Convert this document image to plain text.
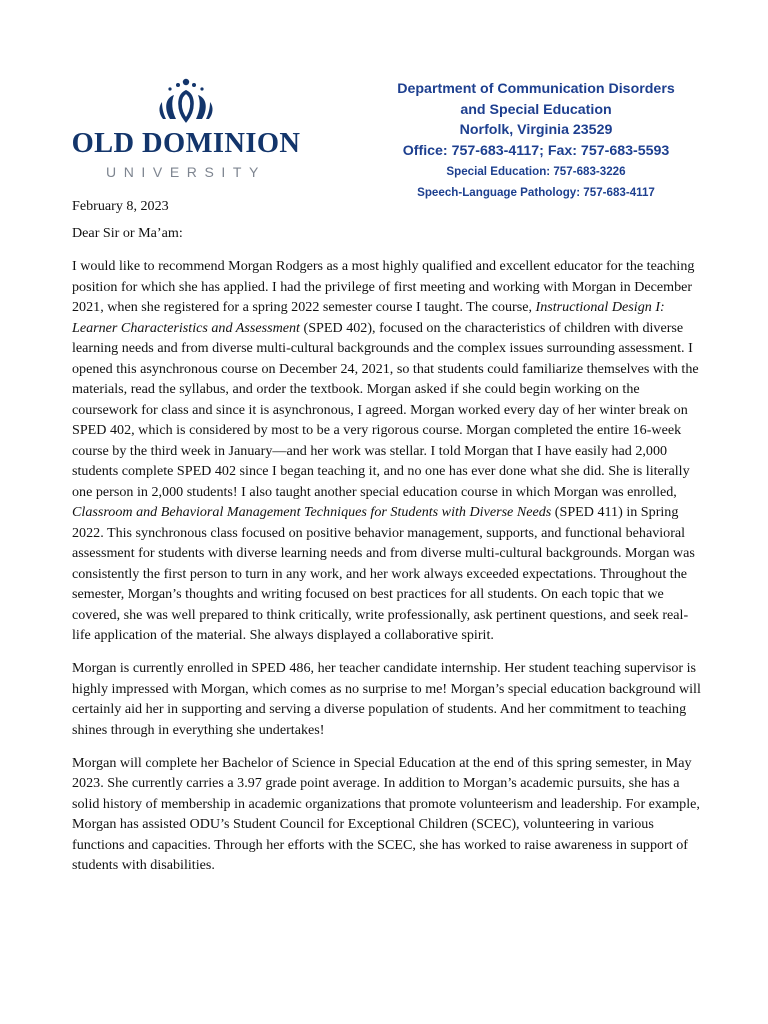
OLD DOMINION
UNIVERSITY
Department of Communication Disorders
and Special Education
Norfolk, Virginia 23529
Office: 757-683-4117; Fax: 757-683-5593
Special Education: 757-683-3226
Speech-Language Pathology: 757-683-4117

February 8, 2023

Dear Sir or Ma’am:

I would like to recommend Morgan Rodgers as a most highly qualified and excellent educator for the teaching position for which she has applied. I had the privilege of first meeting and working with Morgan in December 2021, when she registered for a spring 2022 semester course I taught. The course, Instructional Design I: Learner Characteristics and Assessment (SPED 402), focused on the characteristics of children with diverse learning needs and from diverse multi-cultural backgrounds and the complex issues surrounding assessment. I opened this asynchronous course on December 24, 2021, so that students could familiarize themselves with the materials, read the syllabus, and order the textbook. Morgan asked if she could begin working on the coursework for class and since it is asynchronous, I agreed. Morgan worked every day of her winter break on SPED 402, which is considered by most to be a very rigorous course. Morgan completed the entire 16-week course by the third week in January—and her work was stellar. I told Morgan that I have easily had 2,000 students complete SPED 402 since I began teaching it, and no one has ever done what she did. She is literally one person in 2,000 students! I also taught another special education course in which Morgan was enrolled, Classroom and Behavioral Management Techniques for Students with Diverse Needs (SPED 411) in Spring 2022. This synchronous class focused on positive behavior management, supports, and functional behavioral assessment for students with diverse learning needs and from diverse multi-cultural backgrounds. Morgan was consistently the first person to turn in any work, and her work always exceeded expectations. Throughout the semester, Morgan’s thoughts and writing focused on best practices for all students. On each topic that we covered, she was well prepared to think critically, write professionally, ask pertinent questions, and seek real-life application of the material. She always displayed a collaborative spirit.

Morgan is currently enrolled in SPED 486, her teacher candidate internship. Her student teaching supervisor is highly impressed with Morgan, which comes as no surprise to me! Morgan’s special education background will certainly aid her in supporting and serving a diverse population of students. And her commitment to teaching shines through in everything she undertakes!

Morgan will complete her Bachelor of Science in Special Education at the end of this spring semester, in May 2023. She currently carries a 3.97 grade point average. In addition to Morgan’s academic pursuits, she has a solid history of membership in academic organizations that promote volunteerism and leadership. For example, Morgan has assisted ODU’s Student Council for Exceptional Children (SCEC), volunteering in various functions and capacities. Through her efforts with the SCEC, she has worked to raise awareness in support of students with disabilities.
